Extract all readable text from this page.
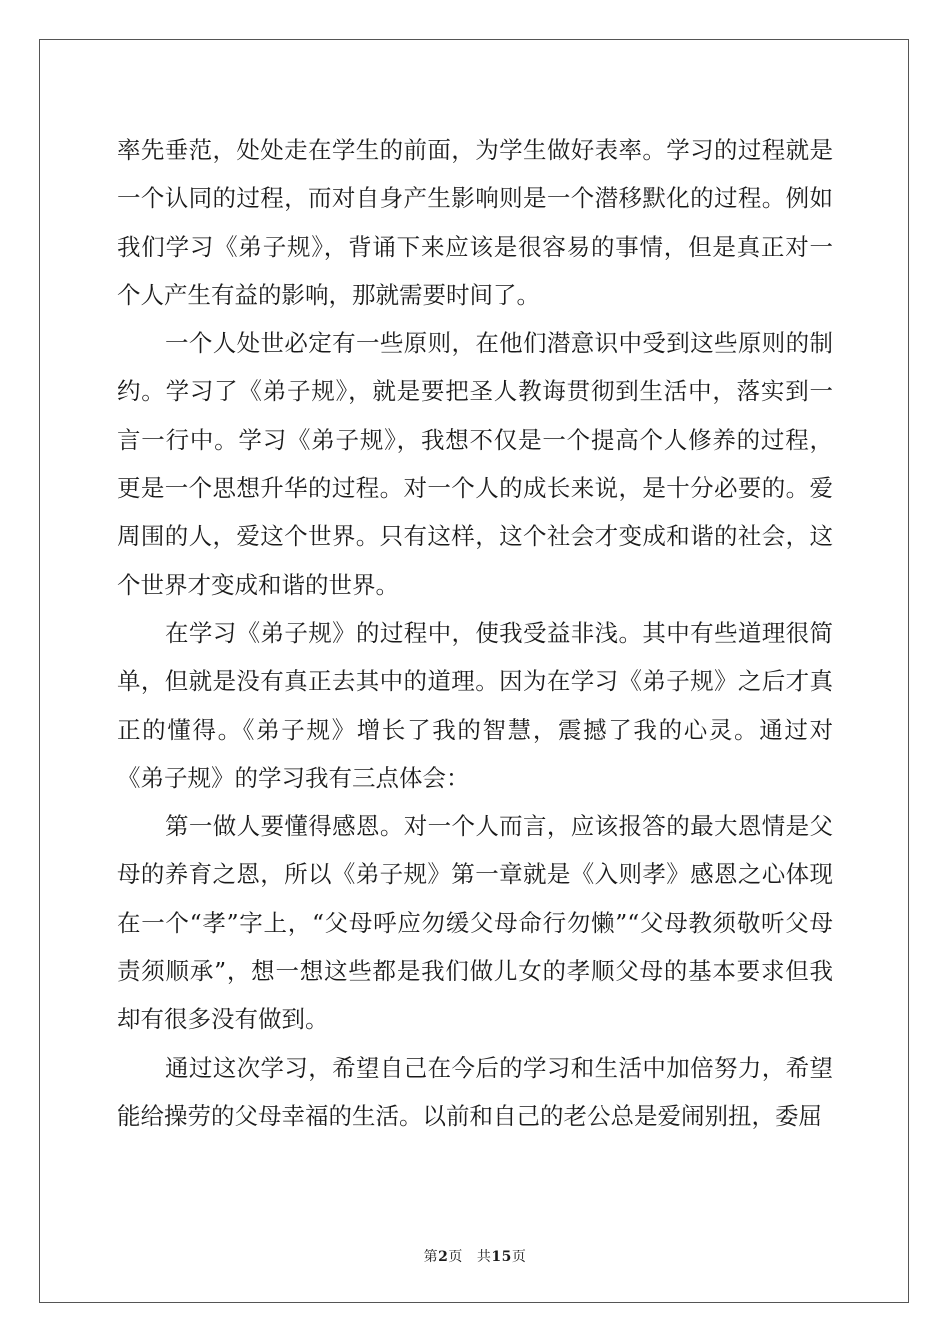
率先垂范，处处走在学生的前面，为学生做好表率。学习的过程就是一个认同的过程，而对自身产生影响则是一个潜移默化的过程。例如我们学习《弟子规》，背诵下来应该是很容易的事情，但是真正对一个人产生有益的影响，那就需要时间了。

一个人处世必定有一些原则，在他们潜意识中受到这些原则的制约。学习了《弟子规》，就是要把圣人教诲贯彻到生活中，落实到一言一行中。学习《弟子规》，我想不仅是一个提高个人修养的过程，更是一个思想升华的过程。对一个人的成长来说，是十分必要的。爱周围的人，爱这个世界。只有这样，这个社会才变成和谐的社会，这个世界才变成和谐的世界。

在学习《弟子规》的过程中，使我受益非浅。其中有些道理很简单，但就是没有真正去其中的道理。因为在学习《弟子规》之后才真正的懂得。《弟子规》增长了我的智慧，震撼了我的心灵。通过对《弟子规》的学习我有三点体会：

第一做人要懂得感恩。对一个人而言，应该报答的最大恩情是父母的养育之恩，所以《弟子规》第一章就是《入则孝》感恩之心体现在一个“孝”字上，“父母呼应勿缓父母命行勿懒”“父母教须敬听父母责须顺承”，想一想这些都是我们做儿女的孝顺父母的基本要求但我却有很多没有做到。

通过这次学习，希望自己在今后的学习和生活中加倍努力，希望能给操劳的父母幸福的生活。以前和自己的老公总是爱闹别扭，委屈

第2页 共15页
